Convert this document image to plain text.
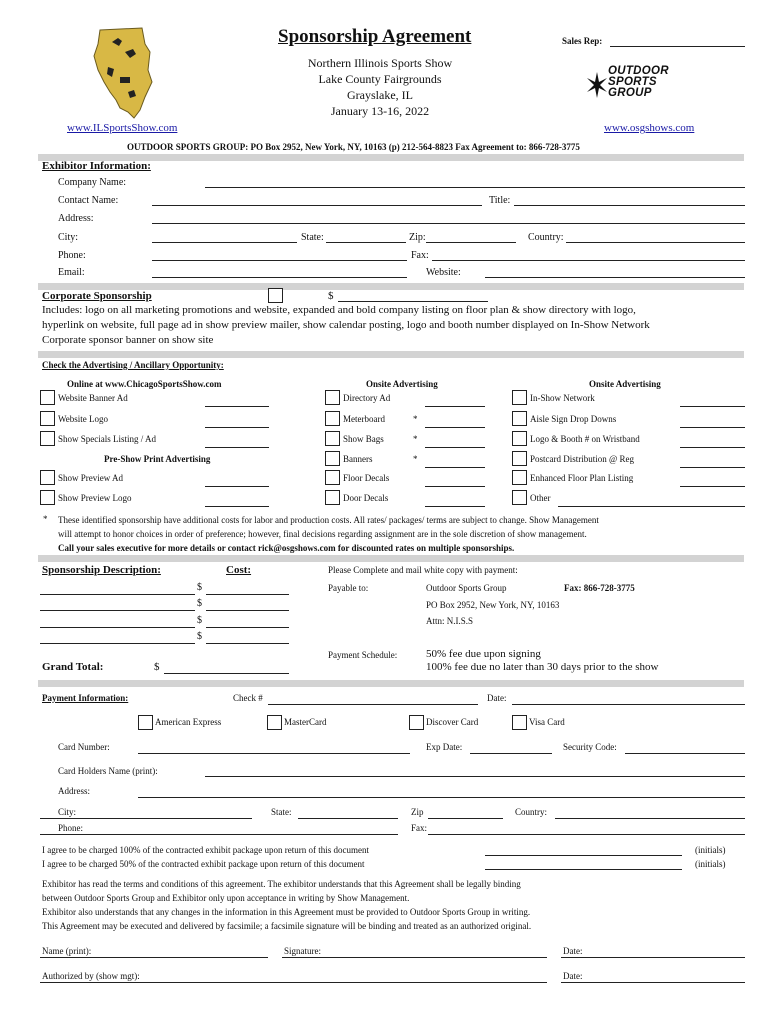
Sponsorship Agreement	Sales Rep:
Northern Illinois Sports Show
Lake County Fairgrounds
Grayslake, IL
January 13-16, 2022
OUTDOOR
SPORTS
GROUP
www.ILSportsShow.com	www.osgshows.com
OUTDOOR SPORTS GROUP: PO Box 2952, New York, NY, 10163 (p) 212-564-8823 Fax Agreement to: 866-728-3775
Exhibitor Information:
Company Name:
Contact Name:	Title:
Address:
City:	State:	Zip:	Country:
Phone:	Fax:
Email:	Website:
Corporate Sponsorship	$
Includes: logo on all marketing promotions and website, expanded and bold company listing on floor plan & show directory with logo,
hyperlink on website, full page ad in show preview mailer, show calendar posting, logo and booth number displayed on In-Show Network
Corporate sponsor banner on show site
Check the Advertising / Ancillary Opportunity:
Online at www.ChicagoSportsShow.com	Onsite Advertising	Onsite Advertising
Website Banner Ad
Website Logo
Show Specials Listing / Ad
Pre-Show Print Advertising
Show Preview Ad
Show Preview Logo
Directory Ad
Meterboard	*
Show Bags	*
Banners	*
Floor Decals
Door Decals
In-Show Network
Aisle Sign Drop Downs
Logo & Booth # on Wristband
Postcard Distribution @ Reg
Enhanced Floor Plan Listing
Other
* These identified sponsorship have additional costs for labor and production costs. All rates/ packages/ terms are subject to change. Show Management
will attempt to honor choices in order of preference; however, final decisions regarding assignment are in the sole discretion of show management.
Call your sales executive for more details or contact rick@osgshows.com for discounted rates on multiple sponsorships.
Sponsorship Description:	Cost:	Please Complete and mail white copy with payment:
$
$
$
$
Grand Total:	$
Payable to:	Outdoor Sports Group	Fax: 866-728-3775
PO Box 2952, New York, NY, 10163
Attn: N.I.S.S
Payment Schedule:	50% fee due upon signing
100% fee due no later than 30 days prior to the show
Payment Information:	Check #	Date:
American Express	MasterCard	Discover Card	Visa Card
Card Number:	Exp Date:	Security Code:
Card Holders Name (print):
Address:
City:	State:	Zip	Country:
Phone:	Fax:
I agree to be charged 100% of the contracted exhibit package upon return of this document	(initials)
I agree to be charged 50% of the contracted exhibit package upon return of this document	(initials)
Exhibitor has read the terms and conditions of this agreement. The exhibitor understands that this Agreement shall be legally binding
between Outdoor Sports Group and Exhibitor only upon acceptance in writing by Show Management.
Exhibitor also understands that any changes in the information in this Agreement must be provided to Outdoor Sports Group in writing.
This Agreement may be executed and delivered by facsimile; a facsimile signature will be binding and treated as an authorized original.
Name (print):	Signature:	Date:
Authorized by (show mgt):	Date:
